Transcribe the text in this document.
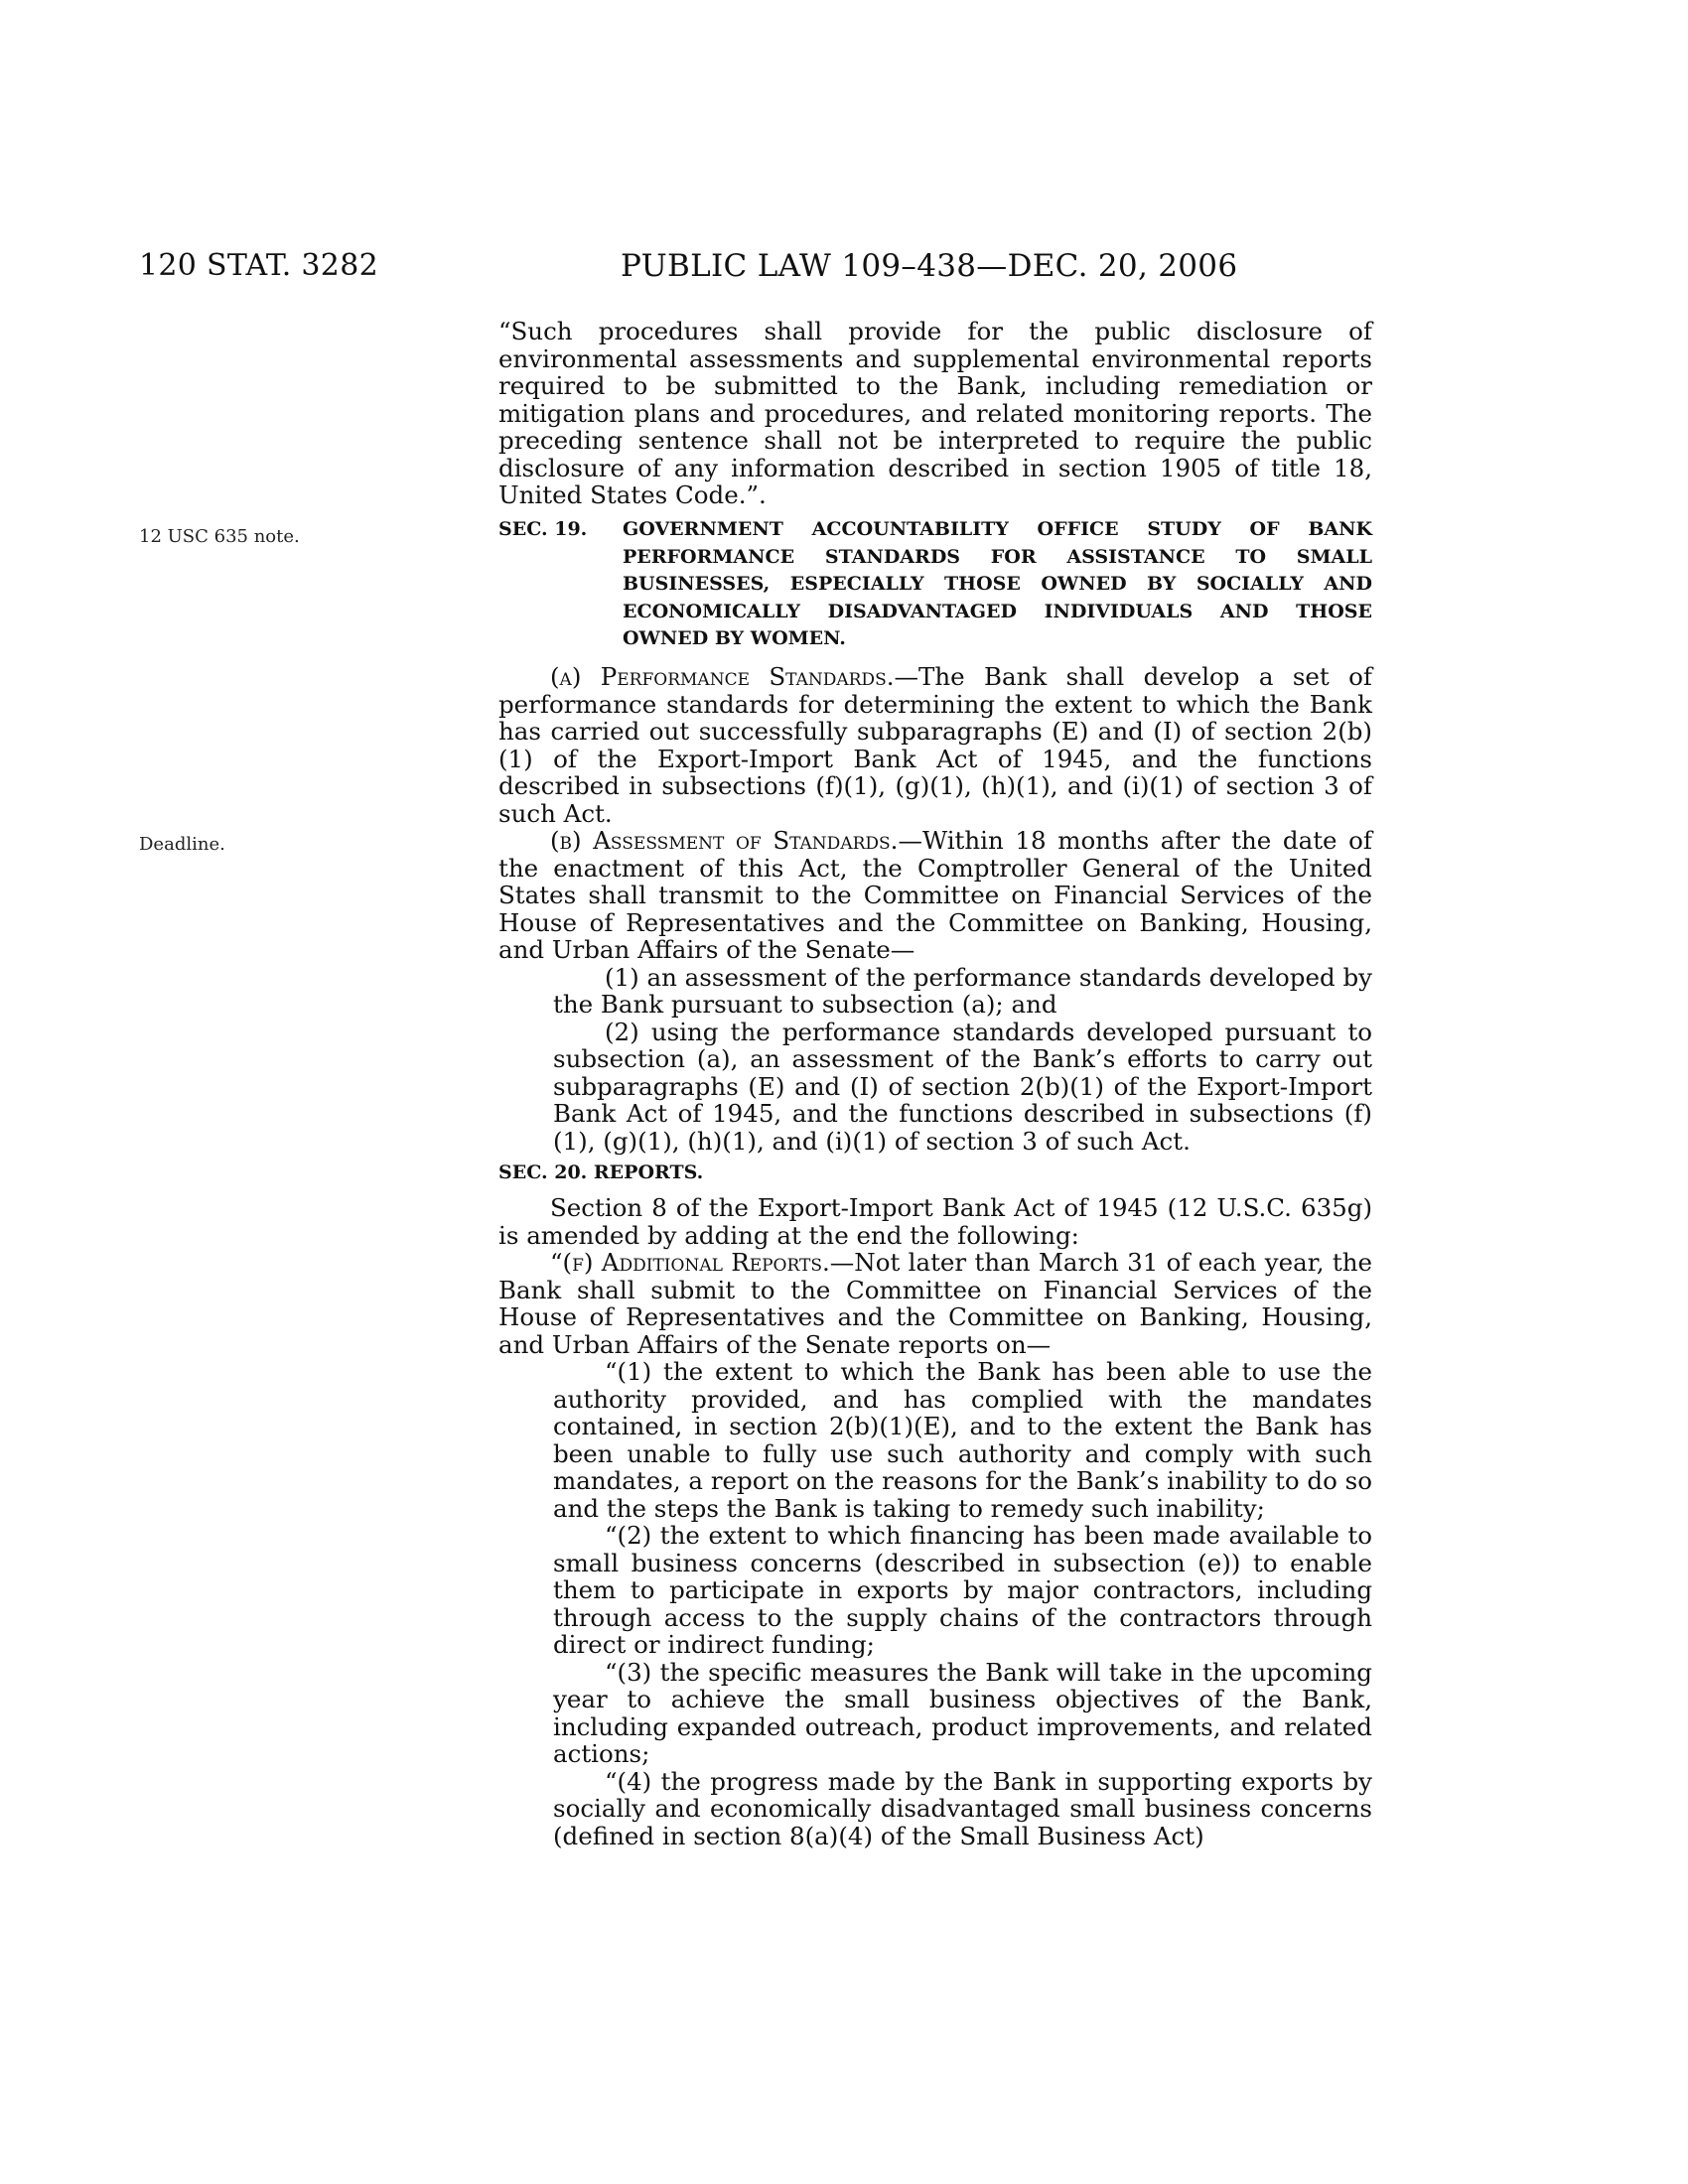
120 STAT. 3282	PUBLIC LAW 109–438—DEC. 20, 2006
12 USC 635 note.
Deadline.

“Such procedures shall provide for the public disclosure of environmental assessments and supplemental environmental reports required to be submitted to the Bank, including remediation or mitigation plans and procedures, and related monitoring reports. The preceding sentence shall not be interpreted to require the public disclosure of any information described in section 1905 of title 18, United States Code.”.

SEC. 19. GOVERNMENT ACCOUNTABILITY OFFICE STUDY OF BANK PERFORMANCE STANDARDS FOR ASSISTANCE TO SMALL BUSINESSES, ESPECIALLY THOSE OWNED BY SOCIALLY AND ECONOMICALLY DISADVANTAGED INDIVIDUALS AND THOSE OWNED BY WOMEN.

(a) Performance Standards.—The Bank shall develop a set of performance standards for determining the extent to which the Bank has carried out successfully subparagraphs (E) and (I) of section 2(b)(1) of the Export-Import Bank Act of 1945, and the functions described in subsections (f)(1), (g)(1), (h)(1), and (i)(1) of section 3 of such Act.

(b) Assessment of Standards.—Within 18 months after the date of the enactment of this Act, the Comptroller General of the United States shall transmit to the Committee on Financial Services of the House of Representatives and the Committee on Banking, Housing, and Urban Affairs of the Senate—

(1) an assessment of the performance standards developed by the Bank pursuant to subsection (a); and

(2) using the performance standards developed pursuant to subsection (a), an assessment of the Bank’s efforts to carry out subparagraphs (E) and (I) of section 2(b)(1) of the Export-Import Bank Act of 1945, and the functions described in subsections (f)(1), (g)(1), (h)(1), and (i)(1) of section 3 of such Act.

SEC. 20. REPORTS.

Section 8 of the Export-Import Bank Act of 1945 (12 U.S.C. 635g) is amended by adding at the end the following:

“(f) Additional Reports.—Not later than March 31 of each year, the Bank shall submit to the Committee on Financial Services of the House of Representatives and the Committee on Banking, Housing, and Urban Affairs of the Senate reports on—

“(1) the extent to which the Bank has been able to use the authority provided, and has complied with the mandates contained, in section 2(b)(1)(E), and to the extent the Bank has been unable to fully use such authority and comply with such mandates, a report on the reasons for the Bank’s inability to do so and the steps the Bank is taking to remedy such inability;

“(2) the extent to which financing has been made available to small business concerns (described in subsection (e)) to enable them to participate in exports by major contractors, including through access to the supply chains of the contractors through direct or indirect funding;

“(3) the specific measures the Bank will take in the upcoming year to achieve the small business objectives of the Bank, including expanded outreach, product improvements, and related actions;

“(4) the progress made by the Bank in supporting exports by socially and economically disadvantaged small business concerns (defined in section 8(a)(4) of the Small Business Act)
